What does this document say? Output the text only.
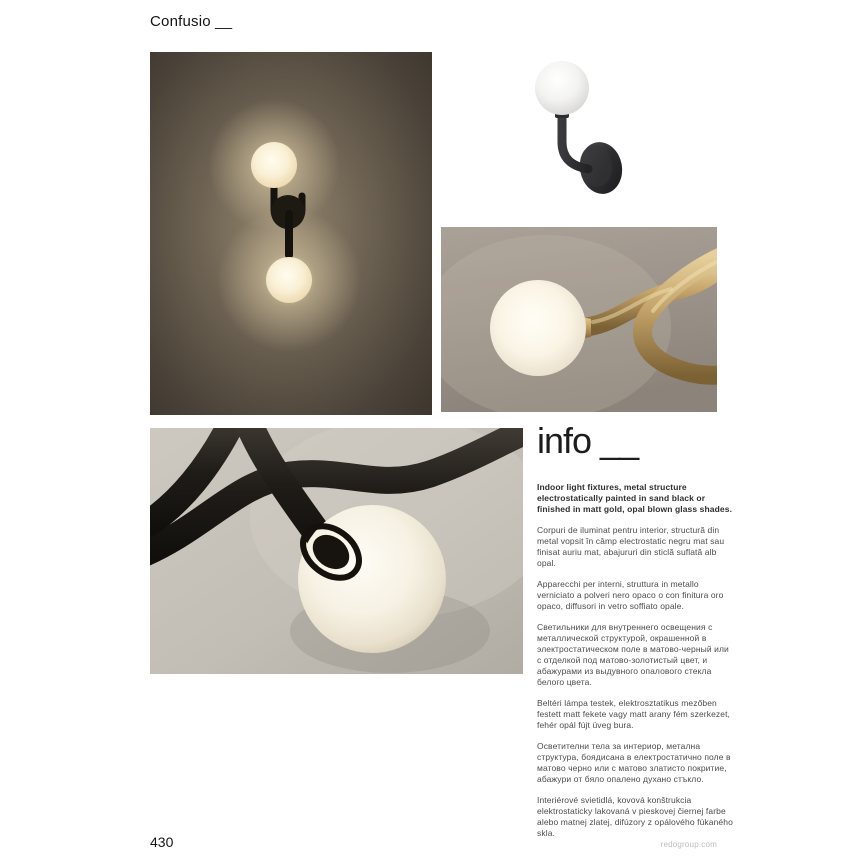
Confusio __
info __

Indoor light fixtures, metal structure electrostatically painted in sand black or finished in matt gold, opal blown glass shades.

Corpuri de iluminat pentru interior, structură din metal vopsit în câmp electrostatic negru mat sau finisat auriu mat, abajururi din sticlă suflată alb opal.

Apparecchi per interni, struttura in metallo verniciato a polveri nero opaco o con finitura oro opaco, diffusori in vetro soffiato opale.

Светильники для внутреннего освещения с металлической структурой, окрашенной в электростатическом поле в матово-черный или с отделкой под матово-золотистый цвет, и абажурами из выдувного опалового стекла белого цвета.

Beltéri lámpa testek, elektrosztatikus mezőben festett matt fekete vagy matt arany fém szerkezet, fehér opál fújt üveg bura.

Осветителни тела за интериор, метална структура, боядисана в електростатично поле в матово черно или с матово златисто покритие, абажури от бяло опалено духано стъкло.

Interiérové svietidlá, kovová konštrukcia elektrostaticky lakovaná v pieskovej čiernej farbe alebo matnej zlatej, difúzory z opálového fúkaného skla.

430	redogroup.com
